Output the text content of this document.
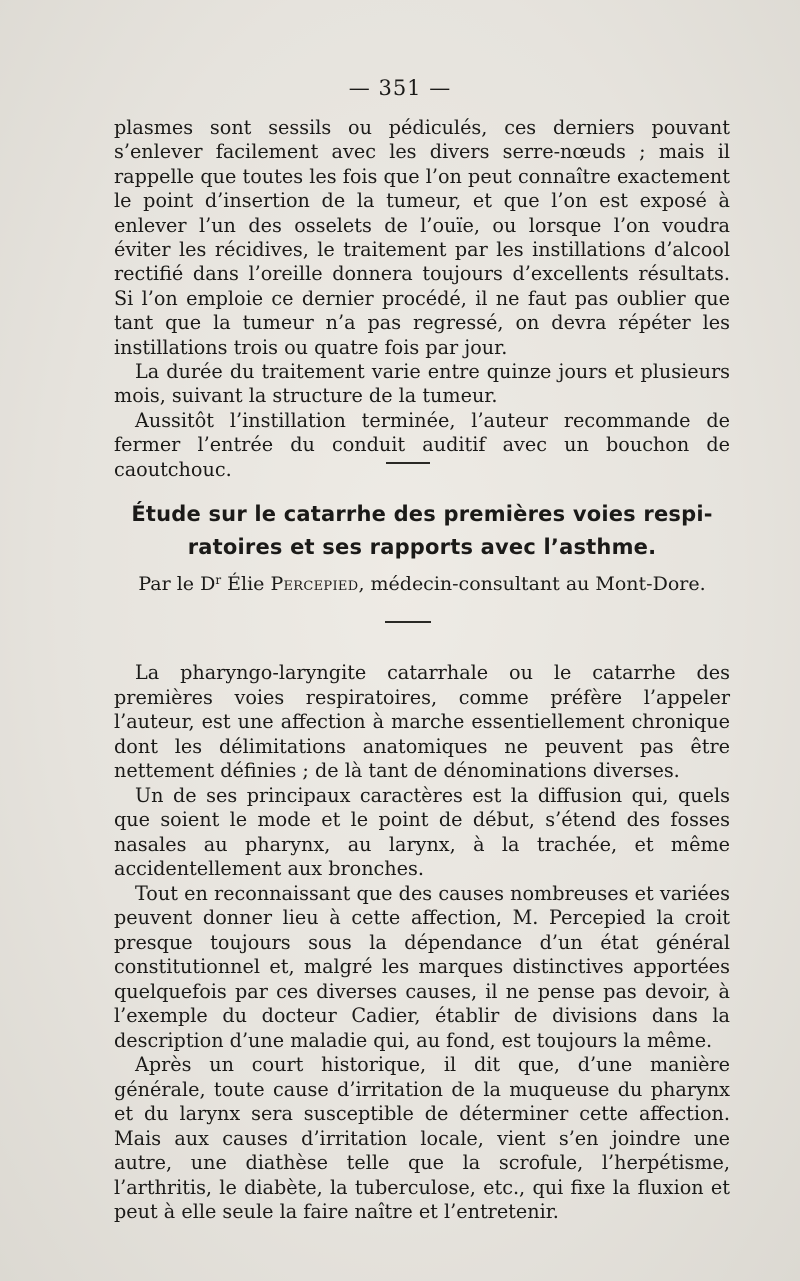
— 351 —

plasmes sont sessils ou pédiculés, ces derniers pouvant s’enlever facilement avec les divers serre-nœuds ; mais il rappelle que toutes les fois que l’on peut connaître exactement le point d’insertion de la tumeur, et que l’on est exposé à enlever l’un des osselets de l’ouïe, ou lorsque l’on voudra éviter les récidives, le traitement par les instillations d’alcool rectifié dans l’oreille donnera toujours d’excellents résultats. Si l’on emploie ce dernier procédé, il ne faut pas oublier que tant que la tumeur n’a pas regressé, on devra répéter les instillations trois ou quatre fois par jour.

La durée du traitement varie entre quinze jours et plusieurs mois, suivant la structure de la tumeur.

Aussitôt l’instillation terminée, l’auteur recommande de fermer l’entrée du conduit auditif avec un bouchon de caoutchouc.

Étude sur le catarrhe des premières voies respi-
ratoires et ses rapports avec l’asthme.
Par le $D^r$ Élie Percepied, médecin-consultant au Mont-Dore.

La pharyngo-laryngite catarrhale ou le catarrhe des premières voies respiratoires, comme préfère l’appeler l’auteur, est une affection à marche essentiellement chronique dont les délimitations anatomiques ne peuvent pas être nettement définies ; de là tant de dénominations diverses.

Un de ses principaux caractères est la diffusion qui, quels que soient le mode et le point de début, s’étend des fosses nasales au pharynx, au larynx, à la trachée, et même accidentellement aux bronches.

Tout en reconnaissant que des causes nombreuses et variées peuvent donner lieu à cette affection, M. Percepied la croit presque toujours sous la dépendance d’un état général constitutionnel et, malgré les marques distinctives apportées quelquefois par ces diverses causes, il ne pense pas devoir, à l’exemple du docteur Cadier, établir de divisions dans la description d’une maladie qui, au fond, est toujours la même.

Après un court historique, il dit que, d’une manière générale, toute cause d’irritation de la muqueuse du pharynx et du larynx sera susceptible de déterminer cette affection. Mais aux causes d’irritation locale, vient s’en joindre une autre, une diathèse telle que la scrofule, l’herpétisme, l’arthritis, le diabète, la tuberculose, etc., qui fixe la fluxion et peut à elle seule la faire naître et l’entretenir.
